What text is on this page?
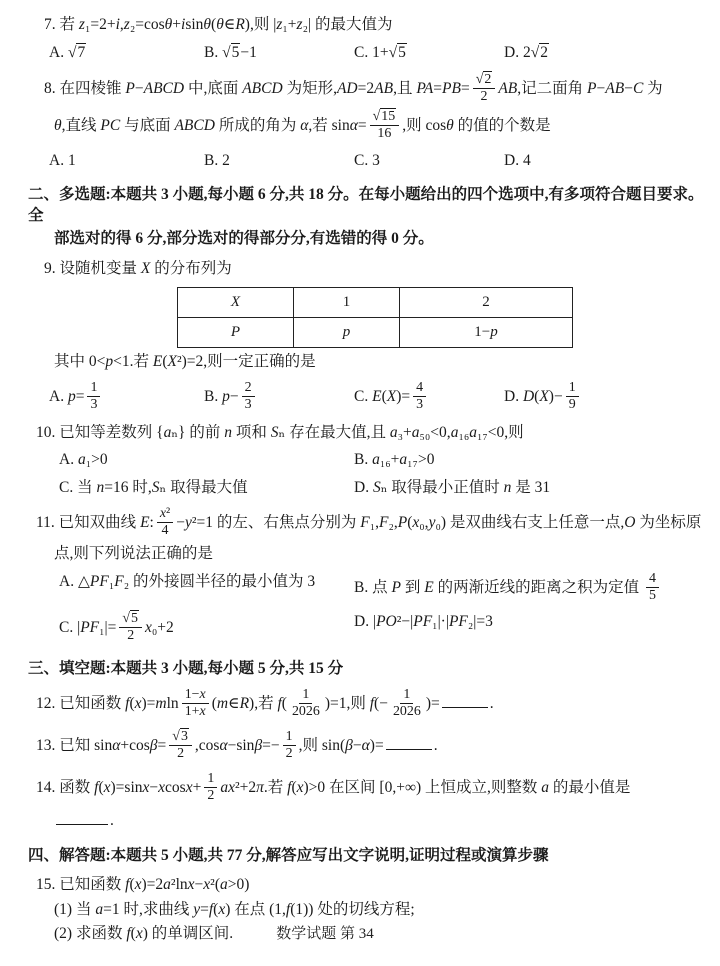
7. 若 z₁=2+i,z₂=cosθ+isinθ(θ∈R),则 |z₁+z₂| 的最大值为
A. √7	B. √5−1	C. 1+√5	D. 2√2
8. 在四棱锥 P−ABCD 中,底面 ABCD 为矩形,AD=2AB,且 $PA=PB= \frac{√2}{2}$ AB,记二面角 P−AB−C 为
θ,直线 PC 与底面 ABCD 所成的角为 α,若 $\sin\alpha= \frac{√15}{16}$ ,则 cosθ 的值的个数是
A. 1	B. 2	C. 3	D. 4
二、多选题:本题共 3 小题,每小题 6 分,共 18 分。在每小题给出的四个选项中,有多项符合题目要求。全
部选对的得 6 分,部分选对的得部分分,有选错的得 0 分。
9. 设随机变量 X 的分布列为
X	1	2
P	p	1−p
其中 0<p<1.若 E(X²)=2,则一定正确的是
A. $p= \frac{1}{3}$	B. $p- \frac{2}{3}$	C. $E(X)= \frac{4}{3}$	D. $D(X)- \frac{1}{9}$
10. 已知等差数列 {aₙ} 的前 n 项和 Sₙ 存在最大值,且 a₃+a₅₀<0,a₁₆a₁₇<0,则
A. a₁>0	B. a₁₆+a₁₇>0
C. 当 n=16 时,Sₙ 取得最大值	D. Sₙ 取得最小正值时 n 是 31
11. 已知双曲线 E: $\frac{\text{x²}}{4} -y^2=1$ 的左、右焦点分别为 F₁,F₂,P(x₀,y₀) 是双曲线右支上任意一点,O 为坐标原
点,则下列说法正确的是
A. △PF₁F₂ 的外接圆半径的最小值为 3	B. 点 P 到 E 的两渐近线的距离之积为定值 $\frac{4}{5}$
C. $|PF_1|= \frac{√5}{2} x_0+2$	D. |PO²−|PF₁|·|PF₂|=3
三、填空题:本题共 3 小题,每小题 5 分,共 15 分
12. 已知函数 $f(x)=mln \frac{1-x}{1+x}$ (m∈R),若 $f( \frac{1}{2026} )=1$,则 $f(- \frac{1}{2026}$ )=	.
13. 已知 $\sin\alpha+\cos\beta= \frac{√3}{2} ,\cos\alpha-\sin\beta=- \frac{1}{2}$ ,则 sin(β−α)=	.
14. 函数 $f(x)=\sin x-xcosx+ \frac{1}{2} ax^2+2\pi$.若 f(x)>0 在区间 [0,+∞) 上恒成立,则整数 a 的最小值是
.
四、解答题:本题共 5 小题,共 77 分,解答应写出文字说明,证明过程或演算步骤
15. 已知函数 f(x)=2a²lnx−x²(a>0)
(1) 当 a=1 时,求曲线 y=f(x) 在点 (1,f(1)) 处的切线方程;
(2) 求函数 f(x) 的单调区间.	数学试题 第 34
